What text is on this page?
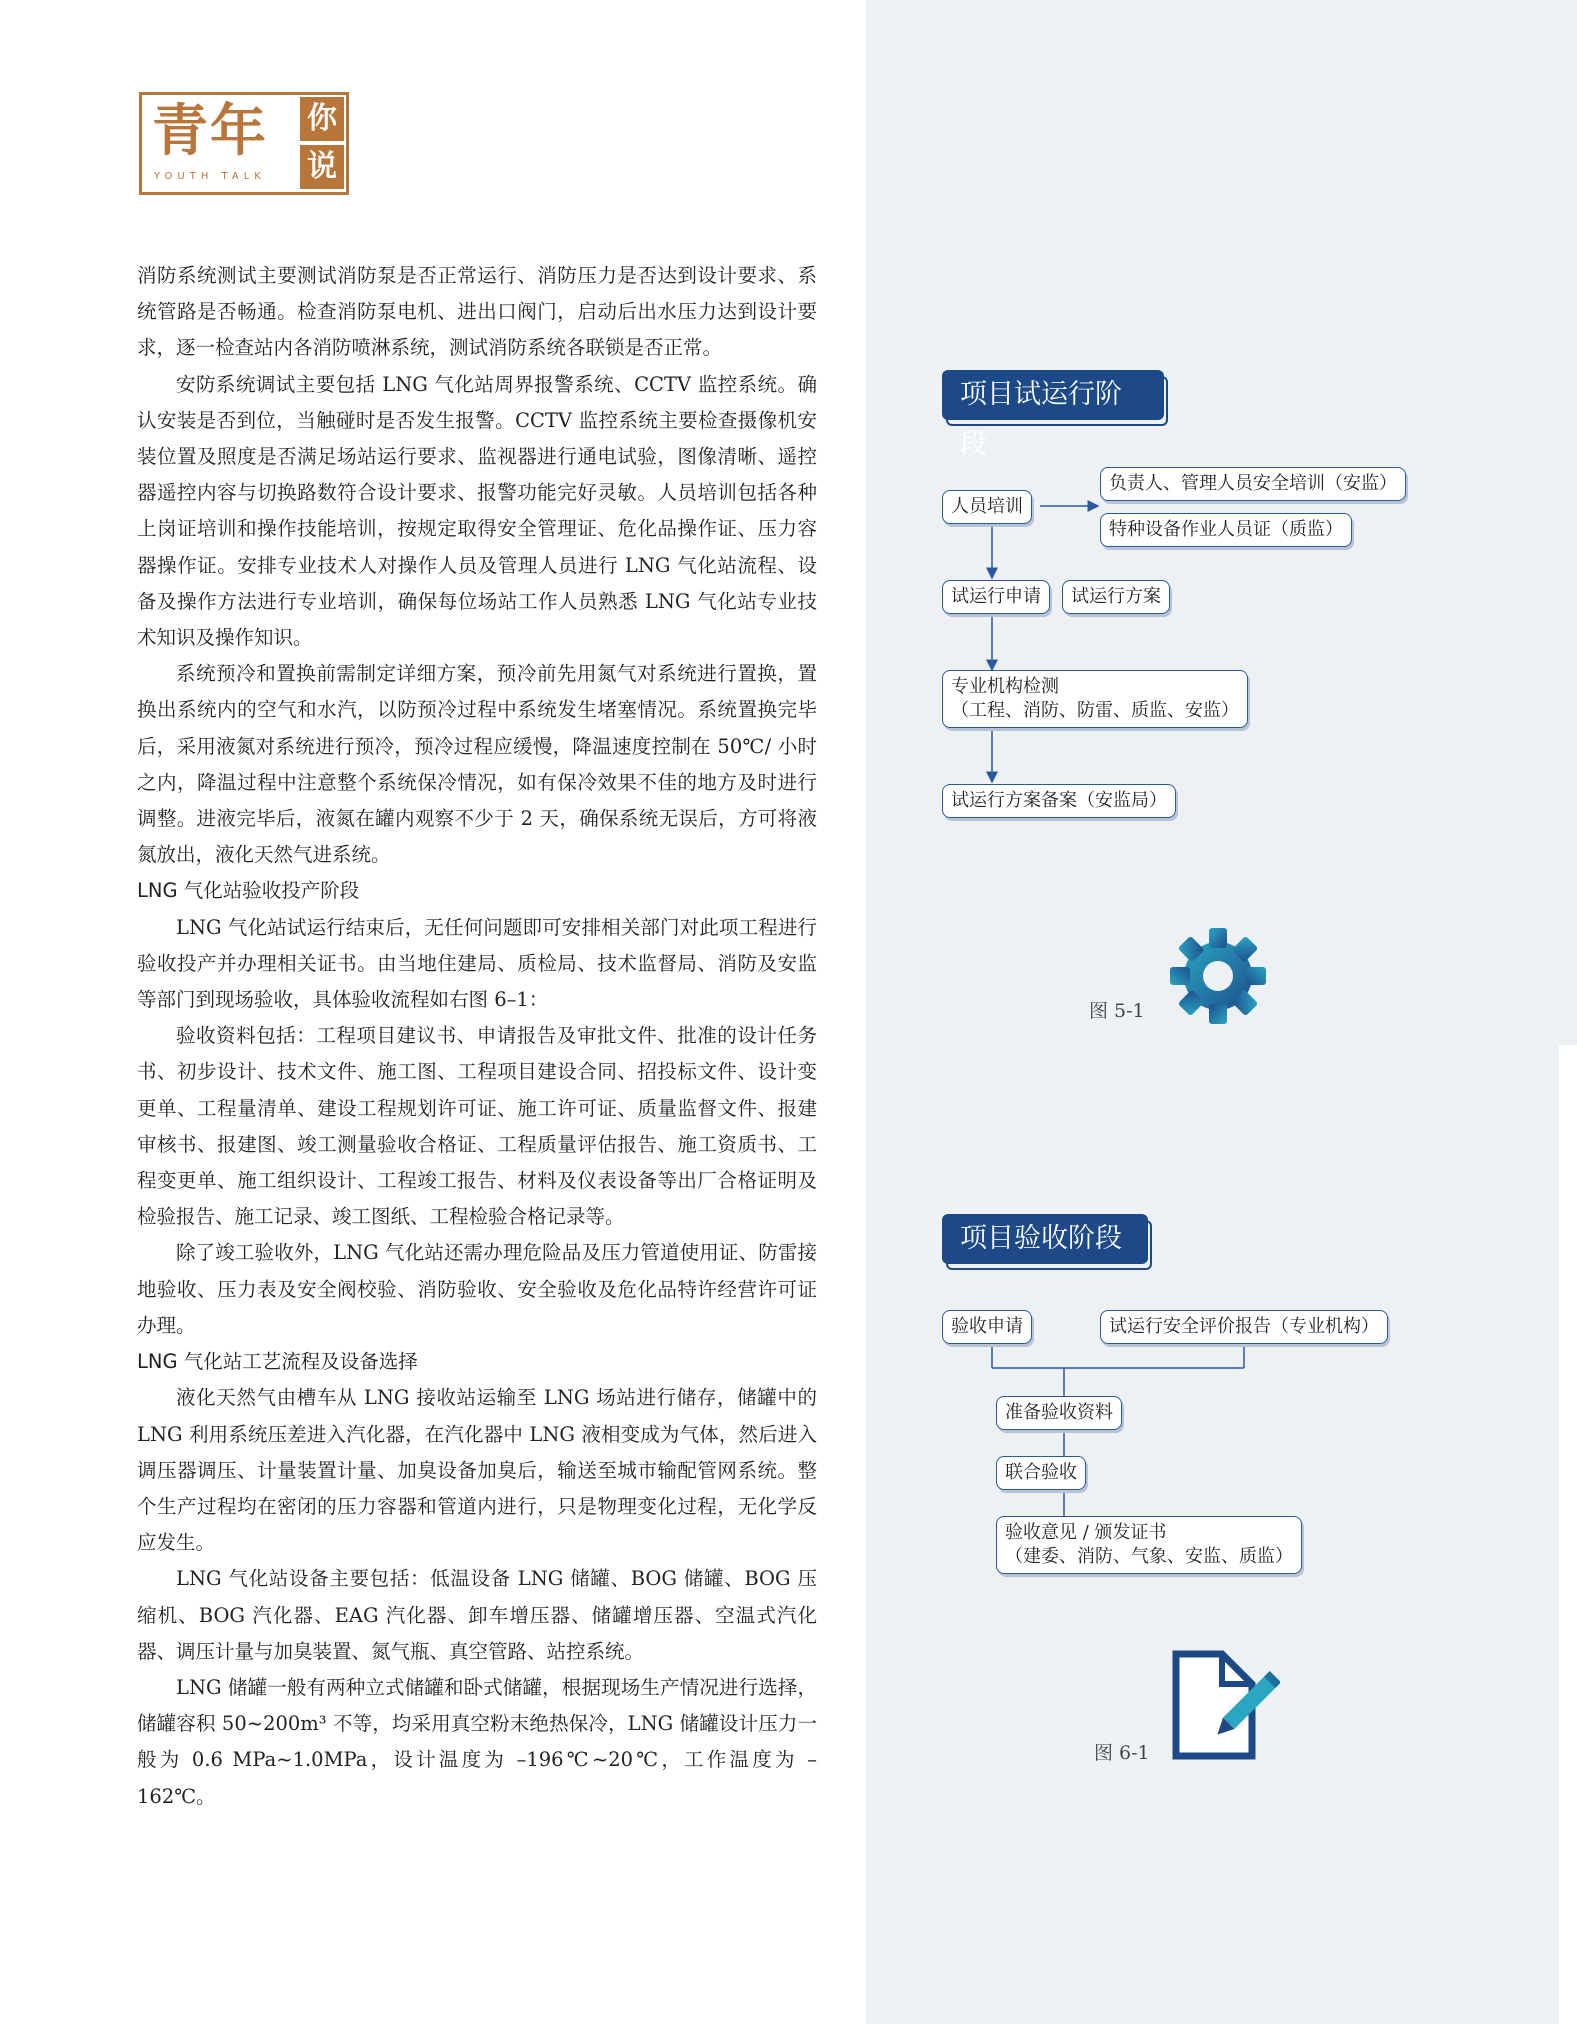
青年 你
说
YOUTH TALK

消防系统测试主要测试消防泵是否正常运行、消防压力是否达到设计要求、系统管路是否畅通。检查消防泵电机、进出口阀门，启动后出水压力达到设计要求，逐一检查站内各消防喷淋系统，测试消防系统各联锁是否正常。

安防系统调试主要包括 LNG 气化站周界报警系统、CCTV 监控系统。确认安装是否到位，当触碰时是否发生报警。CCTV 监控系统主要检查摄像机安装位置及照度是否满足场站运行要求、监视器进行通电试验，图像清晰、遥控器遥控内容与切换路数符合设计要求、报警功能完好灵敏。人员培训包括各种上岗证培训和操作技能培训，按规定取得安全管理证、危化品操作证、压力容器操作证。安排专业技术人对操作人员及管理人员进行 LNG 气化站流程、设备及操作方法进行专业培训，确保每位场站工作人员熟悉 LNG 气化站专业技术知识及操作知识。

系统预冷和置换前需制定详细方案，预冷前先用氮气对系统进行置换，置换出系统内的空气和水汽，以防预冷过程中系统发生堵塞情况。系统置换完毕后，采用液氮对系统进行预冷，预冷过程应缓慢，降温速度控制在 50℃/ 小时之内，降温过程中注意整个系统保冷情况，如有保冷效果不佳的地方及时进行调整。进液完毕后，液氮在罐内观察不少于 2 天，确保系统无误后，方可将液氮放出，液化天然气进系统。

LNG 气化站验收投产阶段

LNG 气化站试运行结束后，无任何问题即可安排相关部门对此项工程进行验收投产并办理相关证书。由当地住建局、质检局、技术监督局、消防及安监等部门到现场验收，具体验收流程如右图 6–1：

验收资料包括：工程项目建议书、申请报告及审批文件、批准的设计任务书、初步设计、技术文件、施工图、工程项目建设合同、招投标文件、设计变更单、工程量清单、建设工程规划许可证、施工许可证、质量监督文件、报建审核书、报建图、竣工测量验收合格证、工程质量评估报告、施工资质书、工程变更单、施工组织设计、工程竣工报告、材料及仪表设备等出厂合格证明及检验报告、施工记录、竣工图纸、工程检验合格记录等。

除了竣工验收外，LNG 气化站还需办理危险品及压力管道使用证、防雷接地验收、压力表及安全阀校验、消防验收、安全验收及危化品特许经营许可证办理。

LNG 气化站工艺流程及设备选择

液化天然气由槽车从 LNG 接收站运输至 LNG 场站进行储存，储罐中的 LNG 利用系统压差进入汽化器，在汽化器中 LNG 液相变成为气体，然后进入调压器调压、计量装置计量、加臭设备加臭后，输送至城市输配管网系统。整个生产过程均在密闭的压力容器和管道内进行，只是物理变化过程，无化学反应发生。

LNG 气化站设备主要包括：低温设备 LNG 储罐、BOG 储罐、BOG 压缩机、BOG 汽化器、EAG 汽化器、卸车增压器、储罐增压器、空温式汽化器、调压计量与加臭装置、氮气瓶、真空管路、站控系统。

LNG 储罐一般有两种立式储罐和卧式储罐，根据现场生产情况进行选择，储罐容积 50~200m³ 不等，均采用真空粉末绝热保冷，LNG 储罐设计压力一般为 0.6 MPa~1.0MPa，设计温度为 –196℃~20℃，工作温度为 –162℃。

项目试运行阶段
人员培训
负责人、管理人员安全培训（安监）
特种设备作业人员证（质监）
试运行申请	试运行方案
专业机构检测
（工程、消防、防雷、质监、安监）
试运行方案备案（安监局）
图 5-1
项目验收阶段
验收申请	试运行安全评价报告（专业机构）
准备验收资料
联合验收
验收意见 / 颁发证书
（建委、消防、气象、安监、质监）
图 6-1
